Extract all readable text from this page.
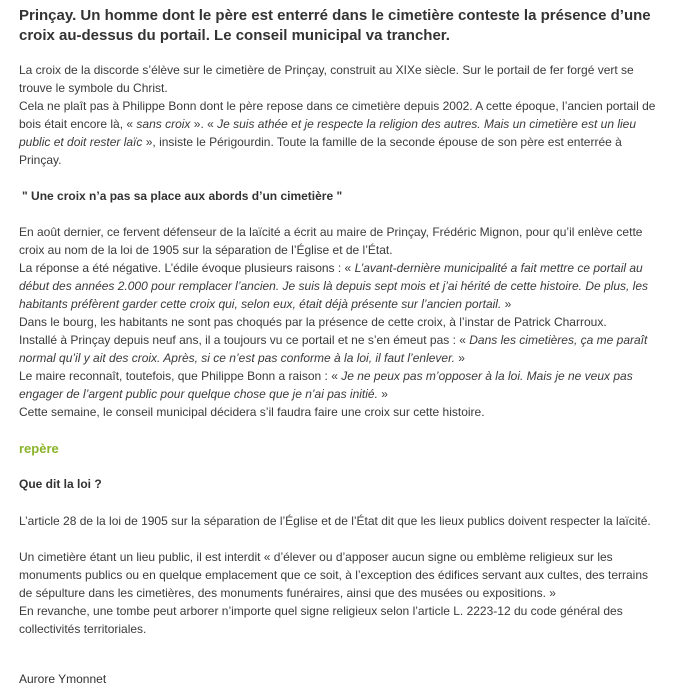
Prinçay. Un homme dont le père est enterré dans le cimetière conteste la présence d’une croix au-dessus du portail. Le conseil municipal va trancher.

La croix de la discorde s’élève sur le cimetière de Prinçay, construit au XIXe siècle. Sur le portail de fer forgé vert se trouve le symbole du Christ.

Cela ne plaît pas à Philippe Bonn dont le père repose dans ce cimetière depuis 2002. A cette époque, l’ancien portail de bois était encore là, « sans croix ». « Je suis athée et je respecte la religion des autres. Mais un cimetière est un lieu public et doit rester laïc », insiste le Périgourdin. Toute la famille de la seconde épouse de son père est enterrée à Prinçay.

" Une croix n’a pas sa place aux abords d’un cimetière "

En août dernier, ce fervent défenseur de la laïcité a écrit au maire de Prinçay, Frédéric Mignon, pour qu’il enlève cette croix au nom de la loi de 1905 sur la séparation de l’Église et de l’État.

La réponse a été négative. L’édile évoque plusieurs raisons : « L’avant-dernière municipalité a fait mettre ce portail au début des années 2.000 pour remplacer l’ancien. Je suis là depuis sept mois et j’ai hérité de cette histoire. De plus, les habitants préfèrent garder cette croix qui, selon eux, était déjà présente sur l’ancien portail. »

Dans le bourg, les habitants ne sont pas choqués par la présence de cette croix, à l’instar de Patrick Charroux.

Installé à Prinçay depuis neuf ans, il a toujours vu ce portail et ne s’en émeut pas : « Dans les cimetières, ça me paraît normal qu’il y ait des croix. Après, si ce n’est pas conforme à la loi, il faut l’enlever. »

Le maire reconnaît, toutefois, que Philippe Bonn a raison : « Je ne peux pas m’opposer à la loi. Mais je ne veux pas engager de l’argent public pour quelque chose que je n’ai pas initié. »

Cette semaine, le conseil municipal décidera s’il faudra faire une croix sur cette histoire.

repère
Que dit la loi ?

L’article 28 de la loi de 1905 sur la séparation de l’Église et de l’État dit que les lieux publics doivent respecter la laïcité.

Un cimetière étant un lieu public, il est interdit « d’élever ou d’apposer aucun signe ou emblème religieux sur les monuments publics ou en quelque emplacement que ce soit, à l’exception des édifices servant aux cultes, des terrains de sépulture dans les cimetières, des monuments funéraires, ainsi que des musées ou expositions. »

En revanche, une tombe peut arborer n’importe quel signe religieux selon l’article L. 2223-12 du code général des collectivités territoriales.

Aurore Ymonnet
